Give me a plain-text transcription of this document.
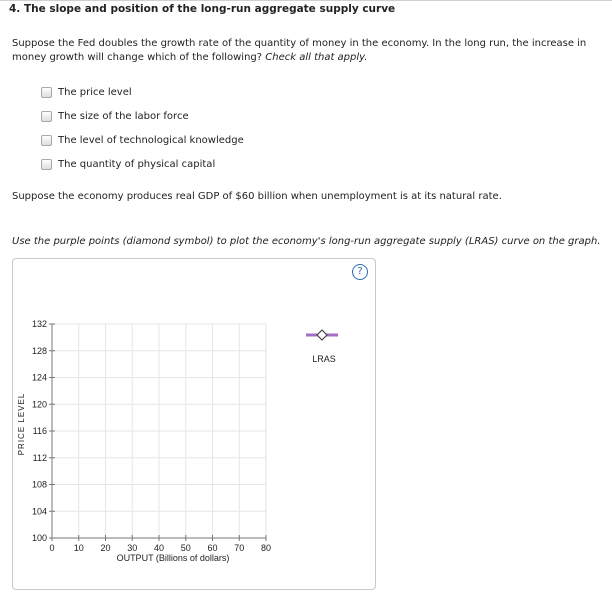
4. The slope and position of the long-run aggregate supply curve
Suppose the Fed doubles the growth rate of the quantity of money in the economy. In the long run, the increase in money growth will change which of the following? Check all that apply.
The price level
The size of the labor force
The level of technological knowledge
The quantity of physical capital
Suppose the economy produces real GDP of $60 billion when unemployment is at its natural rate.
Use the purple points (diamond symbol) to plot the economy's long-run aggregate supply (LRAS) curve on the graph.
?
100
104
108
112
116
120
124
128
132
0 10 20 30 40 50 60 70 80
OUTPUT (Billions of dollars)
PRICE LEVEL
LRAS
